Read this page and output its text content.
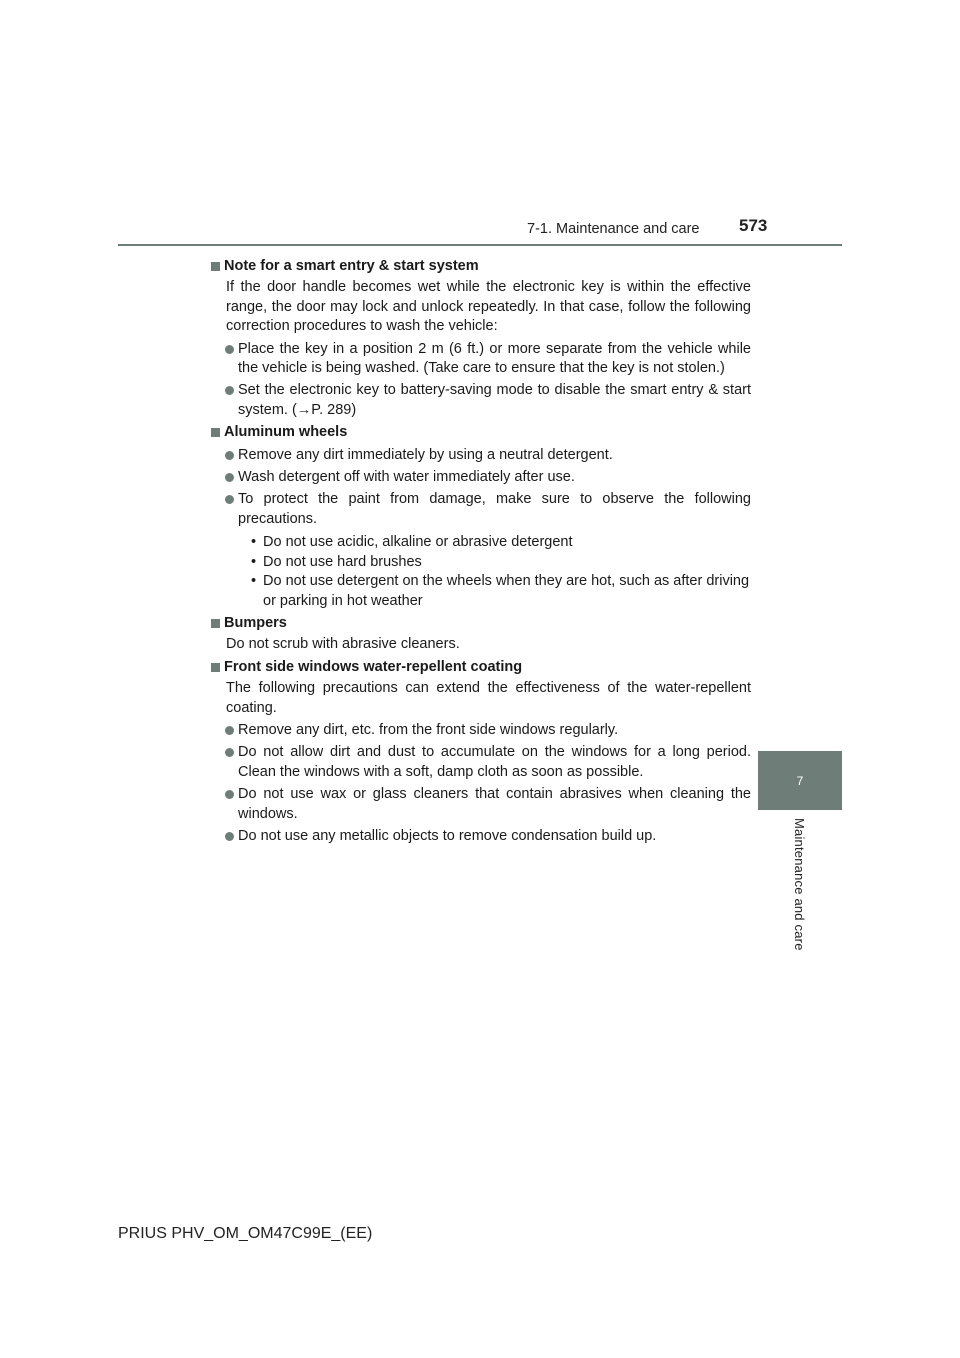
7-1. Maintenance and care 573
7
Maintenance and care
Note for a smart entry & start system
If the door handle becomes wet while the electronic key is within the effective range, the door may lock and unlock repeatedly. In that case, follow the following correction procedures to wash the vehicle:
Place the key in a position 2 m (6 ft.) or more separate from the vehicle while the vehicle is being washed. (Take care to ensure that the key is not stolen.)
Set the electronic key to battery-saving mode to disable the smart entry & start system. (→P. 289)
Aluminum wheels
Remove any dirt immediately by using a neutral detergent.
Wash detergent off with water immediately after use.
To protect the paint from damage, make sure to observe the following precautions.
• Do not use acidic, alkaline or abrasive detergent
• Do not use hard brushes
• Do not use detergent on the wheels when they are hot, such as after driving or parking in hot weather
Bumpers
Do not scrub with abrasive cleaners.
Front side windows water-repellent coating
The following precautions can extend the effectiveness of the water-repellent coating.
Remove any dirt, etc. from the front side windows regularly.
Do not allow dirt and dust to accumulate on the windows for a long period. Clean the windows with a soft, damp cloth as soon as possible.
Do not use wax or glass cleaners that contain abrasives when cleaning the windows.
Do not use any metallic objects to remove condensation build up.
PRIUS PHV_OM_OM47C99E_(EE)
